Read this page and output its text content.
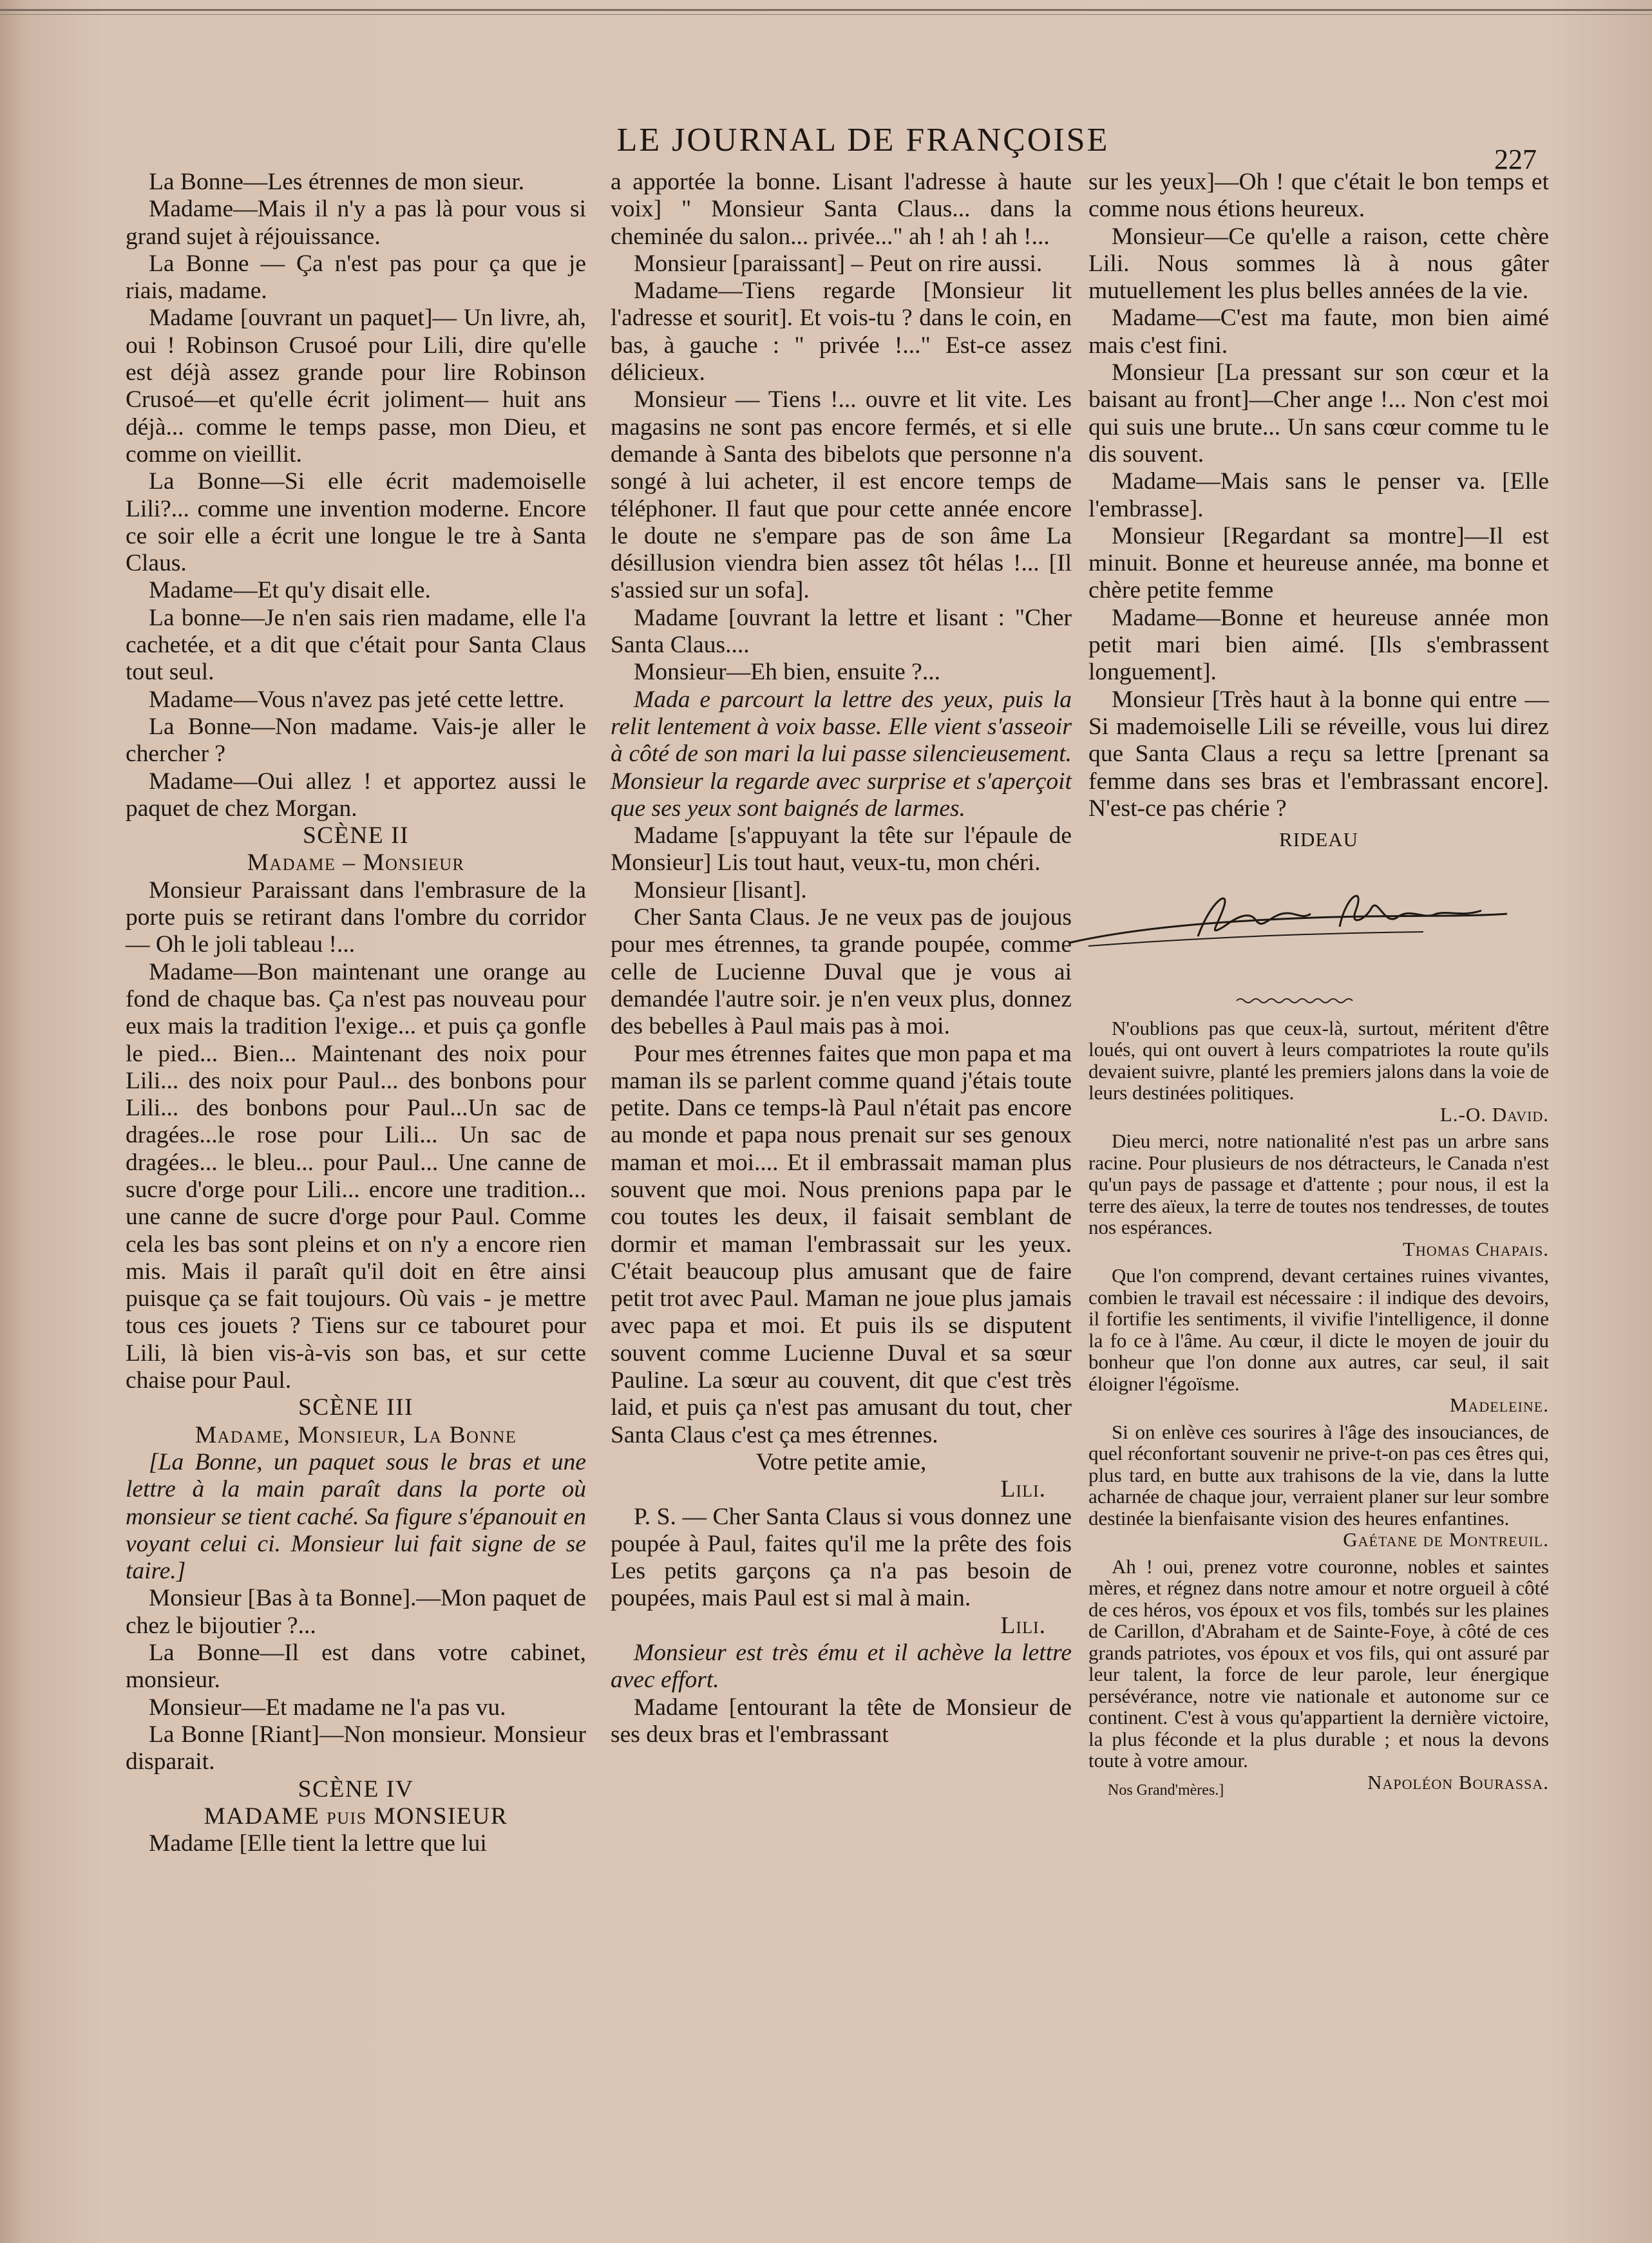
LE JOURNAL DE FRANÇOISE
227

La Bonne—Les étrennes de mon sieur.

Madame—Mais il n'y a pas là pour vous si grand sujet à réjouissance.

La Bonne — Ça n'est pas pour ça que je riais, madame.

Madame [ouvrant un paquet]— Un livre, ah, oui ! Robinson Crusoé pour Lili, dire qu'elle est déjà assez grande pour lire Robinson Crusoé—et qu'elle écrit joliment— huit ans déjà... comme le temps passe, mon Dieu, et comme on vieillit.

La Bonne—Si elle écrit mademoiselle Lili?... comme une invention moderne. Encore ce soir elle a écrit une longue le tre à Santa Claus.

Madame—Et qu'y disait elle.

La bonne—Je n'en sais rien madame, elle l'a cachetée, et a dit que c'était pour Santa Claus tout seul.

Madame—Vous n'avez pas jeté cette lettre.

La Bonne—Non madame. Vais-je aller le chercher ?

Madame—Oui allez ! et apportez aussi le paquet de chez Morgan.

SCÈNE II

Madame – Monsieur

Monsieur Paraissant dans l'embrasure de la porte puis se retirant dans l'ombre du corridor — Oh le joli tableau !...

Madame—Bon maintenant une orange au fond de chaque bas. Ça n'est pas nouveau pour eux mais la tradition l'exige... et puis ça gonfle le pied... Bien... Maintenant des noix pour Lili... des noix pour Paul... des bonbons pour Lili... des bonbons pour Paul...Un sac de dragées...le rose pour Lili... Un sac de dragées... le bleu... pour Paul... Une canne de sucre d'orge pour Lili... encore une tradition... une canne de sucre d'orge pour Paul. Comme cela les bas sont pleins et on n'y a encore rien mis. Mais il paraît qu'il doit en être ainsi puisque ça se fait toujours. Où vais - je mettre tous ces jouets ? Tiens sur ce tabouret pour Lili, là bien vis-à-vis son bas, et sur cette chaise pour Paul.

SCÈNE III

Madame, Monsieur, La Bonne

[La Bonne, un paquet sous le bras et une lettre à la main paraît dans la porte où monsieur se tient caché. Sa figure s'épanouit en voyant celui ci. Monsieur lui fait signe de se taire.]

Monsieur [Bas à ta Bonne].—Mon paquet de chez le bijoutier ?...

La Bonne—Il est dans votre cabinet, monsieur.

Monsieur—Et madame ne l'a pas vu.

La Bonne [Riant]—Non monsieur. Monsieur disparait.

SCÈNE IV

MADAME puis MONSIEUR

Madame [Elle tient la lettre que lui

a apportée la bonne. Lisant l'adresse à haute voix] " Monsieur Santa Claus... dans la cheminée du salon... privée..." ah ! ah ! ah !...

Monsieur [paraissant] – Peut on rire aussi.

Madame—Tiens regarde [Monsieur lit l'adresse et sourit]. Et vois-tu ? dans le coin, en bas, à gauche : " privée !..." Est-ce assez délicieux.

Monsieur — Tiens !... ouvre et lit vite. Les magasins ne sont pas encore fermés, et si elle demande à Santa des bibelots que personne n'a songé à lui acheter, il est encore temps de téléphoner. Il faut que pour cette année encore le doute ne s'empare pas de son âme La désillusion viendra bien assez tôt hélas !... [Il s'assied sur un sofa].

Madame [ouvrant la lettre et lisant : "Cher Santa Claus....

Monsieur—Eh bien, ensuite ?...

Mada e parcourt la lettre des yeux, puis la relit lentement à voix basse. Elle vient s'asseoir à côté de son mari la lui passe silencieusement. Monsieur la regarde avec surprise et s'aperçoit que ses yeux sont baignés de larmes.

Madame [s'appuyant la tête sur l'épaule de Monsieur] Lis tout haut, veux-tu, mon chéri.

Monsieur [lisant].

Cher Santa Claus. Je ne veux pas de joujous pour mes étrennes, ta grande poupée, comme celle de Lucienne Duval que je vous ai demandée l'autre soir. je n'en veux plus, donnez des bebelles à Paul mais pas à moi.

Pour mes étrennes faites que mon papa et ma maman ils se parlent comme quand j'étais toute petite. Dans ce temps-là Paul n'était pas encore au monde et papa nous prenait sur ses genoux maman et moi.... Et il embrassait maman plus souvent que moi. Nous prenions papa par le cou toutes les deux, il faisait semblant de dormir et maman l'embrassait sur les yeux. C'était beaucoup plus amusant que de faire petit trot avec Paul. Maman ne joue plus jamais avec papa et moi. Et puis ils se disputent souvent comme Lucienne Duval et sa sœur Pauline. La sœur au couvent, dit que c'est très laid, et puis ça n'est pas amusant du tout, cher Santa Claus c'est ça mes étrennes.

Votre petite amie,

Lili.

P. S. — Cher Santa Claus si vous donnez une poupée à Paul, faites qu'il me la prête des fois Les petits garçons ça n'a pas besoin de poupées, mais Paul est si mal à main.

Lili.

Monsieur est très ému et il achève la lettre avec effort.

Madame [entourant la tête de Monsieur de ses deux bras et l'embrassant

sur les yeux]—Oh ! que c'était le bon temps et comme nous étions heureux.

Monsieur—Ce qu'elle a raison, cette chère Lili. Nous sommes là à nous gâter mutuellement les plus belles années de la vie.

Madame—C'est ma faute, mon bien aimé mais c'est fini.

Monsieur [La pressant sur son cœur et la baisant au front]—Cher ange !... Non c'est moi qui suis une brute... Un sans cœur comme tu le dis souvent.

Madame—Mais sans le penser va. [Elle l'embrasse].

Monsieur [Regardant sa montre]—Il est minuit. Bonne et heureuse année, ma bonne et chère petite femme

Madame—Bonne et heureuse année mon petit mari bien aimé. [Ils s'embrassent longuement].

Monsieur [Très haut à la bonne qui entre — Si mademoiselle Lili se réveille, vous lui direz que Santa Claus a reçu sa lettre [prenant sa femme dans ses bras et l'embrassant encore]. N'est-ce pas chérie ?

RIDEAU

N'oublions pas que ceux-là, surtout, méritent d'être loués, qui ont ouvert à leurs compatriotes la route qu'ils devaient suivre, planté les premiers jalons dans la voie de leurs destinées politiques.

L.-O. David.

Dieu merci, notre nationalité n'est pas un arbre sans racine. Pour plusieurs de nos détracteurs, le Canada n'est qu'un pays de passage et d'attente ; pour nous, il est la terre des aïeux, la terre de toutes nos tendresses, de toutes nos espérances.

Thomas Chapais.

Que l'on comprend, devant certaines ruines vivantes, combien le travail est nécessaire : il indique des devoirs, il fortifie les sentiments, il vivifie l'intelligence, il donne la fo ce à l'âme. Au cœur, il dicte le moyen de jouir du bonheur que l'on donne aux autres, car seul, il sait éloigner l'égoïsme.

Madeleine.

Si on enlève ces sourires à l'âge des insouciances, de quel réconfortant souvenir ne prive-t-on pas ces êtres qui, plus tard, en butte aux trahisons de la vie, dans la lutte acharnée de chaque jour, verraient planer sur leur sombre destinée la bienfaisante vision des heures enfantines.

Gaétane de Montreuil.

Ah ! oui, prenez votre couronne, nobles et saintes mères, et régnez dans notre amour et notre orgueil à côté de ces héros, vos époux et vos fils, tombés sur les plaines de Carillon, d'Abraham et de Sainte-Foye, à côté de ces grands patriotes, vos époux et vos fils, qui ont assuré par leur talent, la force de leur parole, leur énergique persévérance, notre vie nationale et autonome sur ce continent. C'est à vous qu'appartient la dernière victoire, la plus féconde et la plus durable ; et nous la devons toute à votre amour.

Napoléon Bourassa.

Nos Grand'mères.]
